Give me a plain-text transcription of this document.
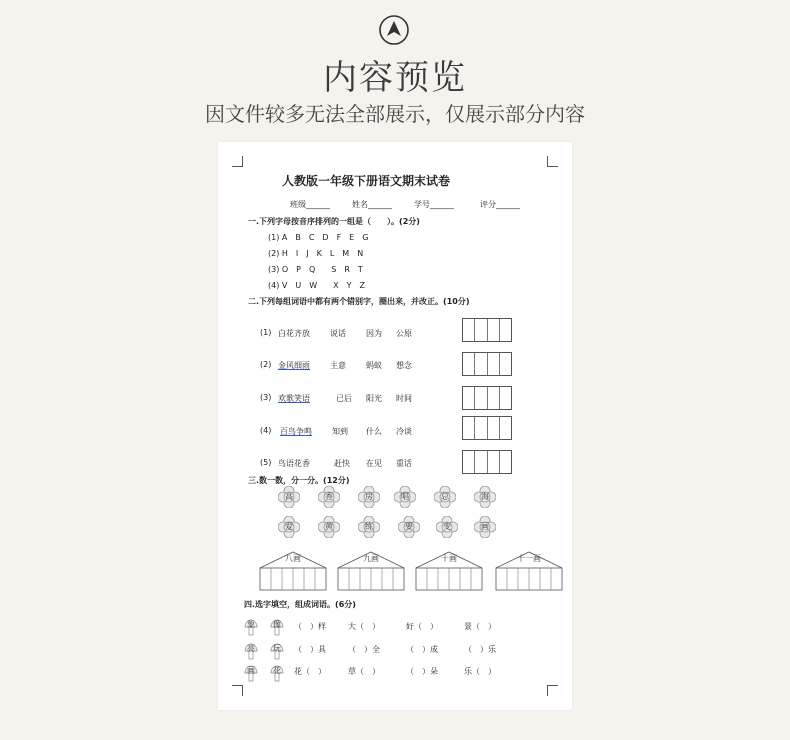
内容预览
因文件较多无法全部展示，仅展示部分内容
人教版一年级下册语文期末试卷
班级______	姓名______	学号______	评分______
一.下列字母按音序排列的一组是（　　）。(2分)
(1) A　B　C　D　F　E　G
(2) H　I　J　K　L　M　N
(3) O　P　Q　　S　R　T
(4) V　U　W　　X　Y　Z
二.下列每组词语中都有两个错别字，圈出来，并改正。(10分)
(1) 白花齐放	说话	因为 公原
(2) 金风细雨	主意	蚂蚁 想念
(3) 欢歌笑语	已后 阳光 时间
(4) 百鸟争鸣	知到 什么 冷谈
(5) 鸟语花香	赶快 在见 重话
三.数一数，分一分。(12分)
高	香	房	唱	总	海
爱	黄	练	要	变	画
八画	九画	十画	十一画
四.选字填空，组成词语。(6分)
象	像	（　）样	大（　）	好（　）	景（　）
亮	玩	（　）具	（　）全	（　）成	（　）乐
画	花	花（　）	草（　）	（　）朵	乐（　）
